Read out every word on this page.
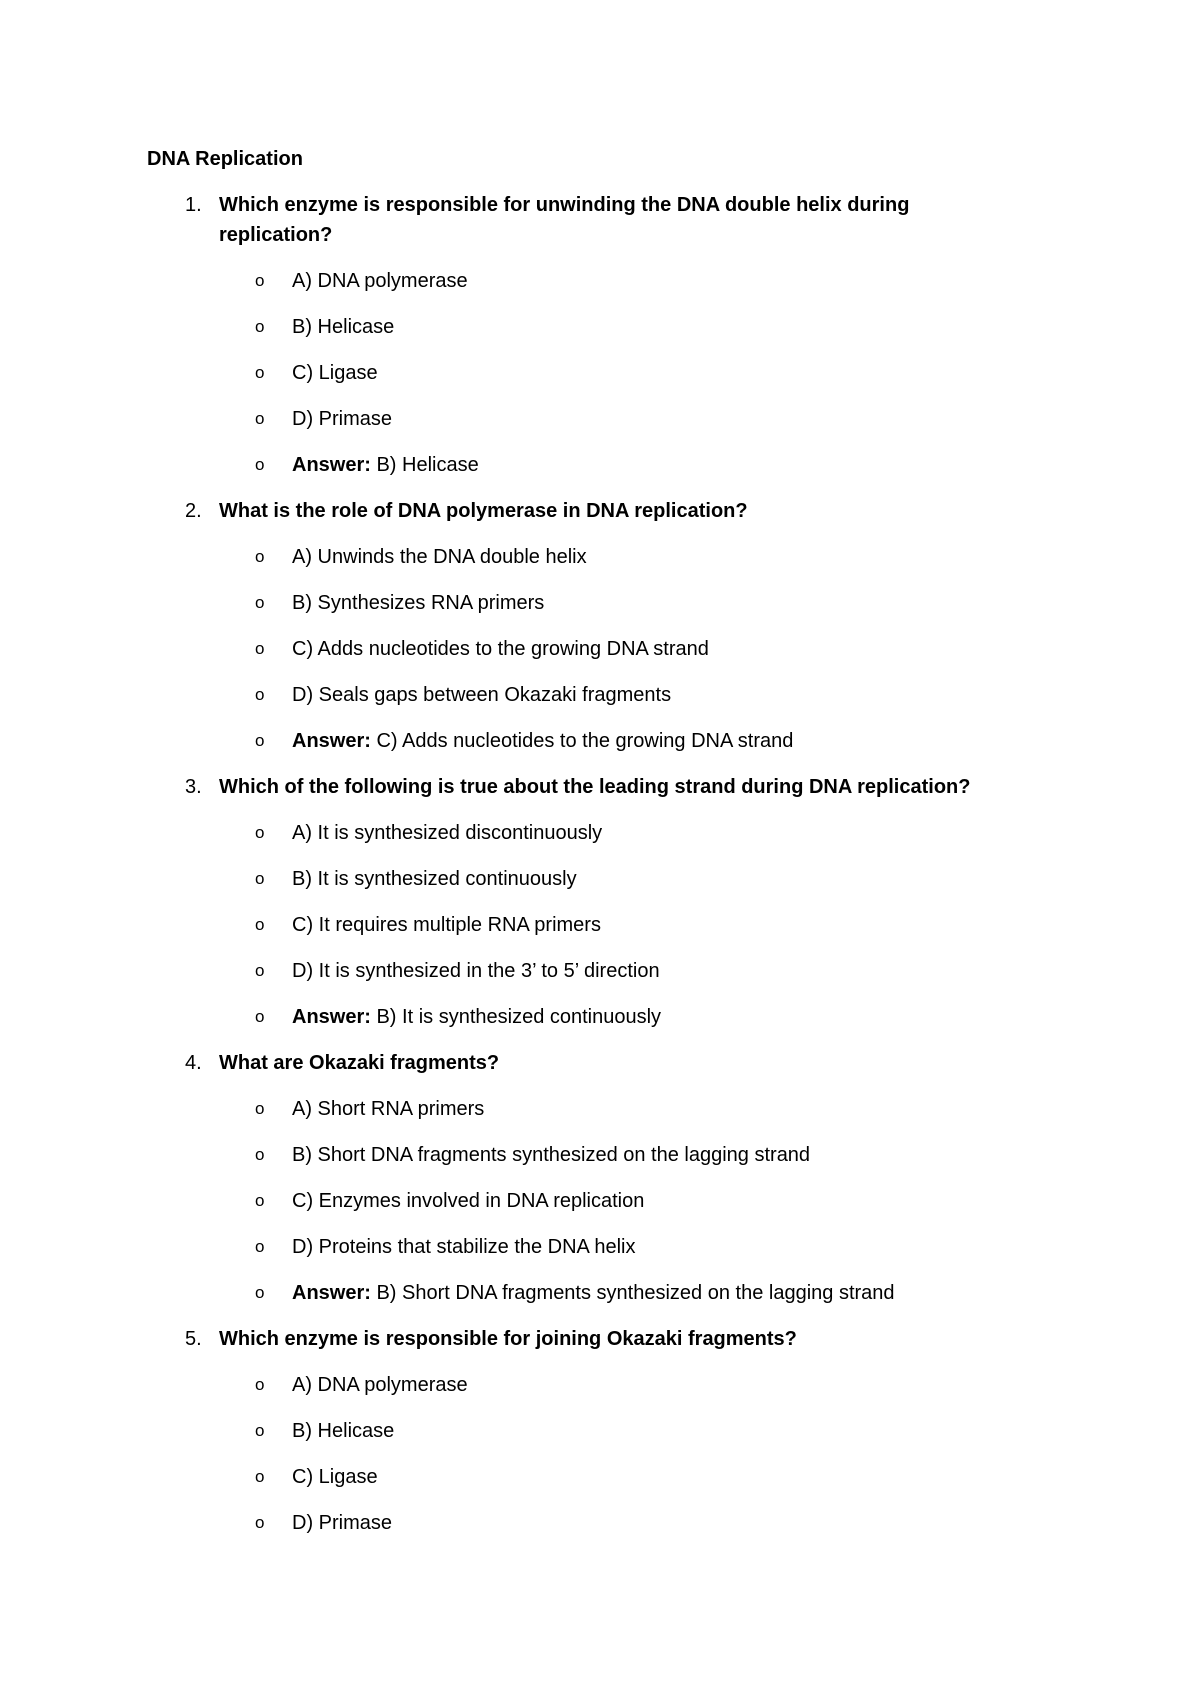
DNA Replication
1. Which enzyme is responsible for unwinding the DNA double helix during
replication?
o A) DNA polymerase
o B) Helicase
o C) Ligase
o D) Primase
o Answer: B) Helicase
2. What is the role of DNA polymerase in DNA replication?
o A) Unwinds the DNA double helix
o B) Synthesizes RNA primers
o C) Adds nucleotides to the growing DNA strand
o D) Seals gaps between Okazaki fragments
o Answer: C) Adds nucleotides to the growing DNA strand
3. Which of the following is true about the leading strand during DNA replication?
o A) It is synthesized discontinuously
o B) It is synthesized continuously
o C) It requires multiple RNA primers
o D) It is synthesized in the 3’ to 5’ direction
o Answer: B) It is synthesized continuously
4. What are Okazaki fragments?
o A) Short RNA primers
o B) Short DNA fragments synthesized on the lagging strand
o C) Enzymes involved in DNA replication
o D) Proteins that stabilize the DNA helix
o Answer: B) Short DNA fragments synthesized on the lagging strand
5. Which enzyme is responsible for joining Okazaki fragments?
o A) DNA polymerase
o B) Helicase
o C) Ligase
o D) Primase
